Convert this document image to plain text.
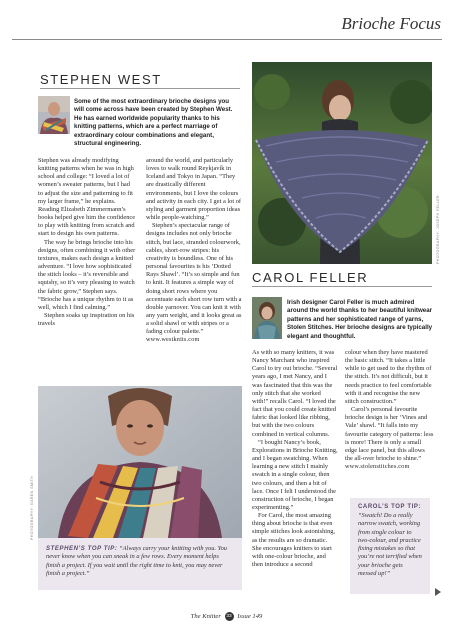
Brioche Focus
STEPHEN WEST
Some of the most extraordinary brioche designs you will come across have been created by Stephen West. He has earned worldwide popularity thanks to his knitting patterns, which are a perfect marriage of extraordinary colour combinations and elegant, structural engineering.

Stephen was already modifying knitting patterns when he was in high school and college: “I loved a lot of women’s sweater patterns, but I had to adjust the size and patterning to fit my larger frame,” he explains. Reading Elizabeth Zimmermann’s books helped give him the confidence to play with knitting from scratch and start to design his own patterns.

The way he brings brioche into his designs, often combining it with other textures, makes each design a knitted adventure. “I love how sophisticated the stitch looks – it’s reversible and squishy, so it’s very pleasing to watch the fabric grow,” Stephen says. “Brioche has a unique rhythm to it as well, which I find calming.”

Stephen soaks up inspiration on his travels

around the world, and particularly loves to walk round Reykjavík in Iceland and Tokyo in Japan. “They are drastically different environments, but I love the colours and activity in each city. I get a lot of styling and garment proportion ideas while people-watching.”

Stephen’s spectacular range of designs includes not only brioche stitch, but lace, stranded colourwork, cables, short-row stripes: his creativity is boundless. One of his personal favourites is his ‘Dotted Rays Shawl’. “It’s so simple and fun to knit. It features a simple way of doing short rows where you accentuate each short row turn with a double yarnover. You can knit it with any yarn weight, and it looks great as a solid shawl or with stripes or a fading colour palette.”

www.westknits.com

PHOTOGRAPHY: GAREN SMITH
STEPHEN’S TOP TIP: “Always carry your knitting with you. You never know when you can sneak in a few rows. Every moment helps finish a project. If you wait until the right time to knit, you may never finish a project.”
PHOTOGRAPHY: JOSEPH FELLER
CAROL FELLER
Irish designer Carol Feller is much admired around the world thanks to her beautiful knitwear patterns and her sophisticated range of yarns, Stolen Stitches. Her brioche designs are typically elegant and thoughtful.

As with so many knitters, it was Nancy Marchant who inspired Carol to try out brioche. “Several years ago, I met Nancy, and I was fascinated that this was the only stitch that she worked with!” recalls Carol. “I loved the fact that you could create knitted fabric that looked like ribbing, but with the two colours combined in vertical columns.

“I bought Nancy’s book, Explorations in Brioche Knitting, and I began swatching. When learning a new stitch I mainly swatch in a single colour, then two colours, and then a bit of lace. Once I felt I understood the construction of brioche, I began experimenting.”

For Carol, the most amazing thing about brioche is that even simple stitches look astonishing, as the results are so dramatic. She encourages knitters to start with one-colour brioche, and then introduce a second

colour when they have mastered the basic stitch. “It takes a little while to get used to the rhythm of the stitch. It’s not difficult, but it needs practice to feel comfortable with it and recognise the new stitch construction.”

Carol’s personal favourite brioche design is her ‘Vines and Vale’ shawl. “It falls into my favourite category of patterns: less is more! There is only a small edge lace panel, but this allows the all-over brioche to shine.”

www.stolenstitches.com

CAROL’S TOP TIP:
“Swatch! Do a really narrow swatch, working from single colour to two-colour, and practice fixing mistakes so that you’re not terrified when your brioche gets messed up!”
The Knitter 33 Issue 149
